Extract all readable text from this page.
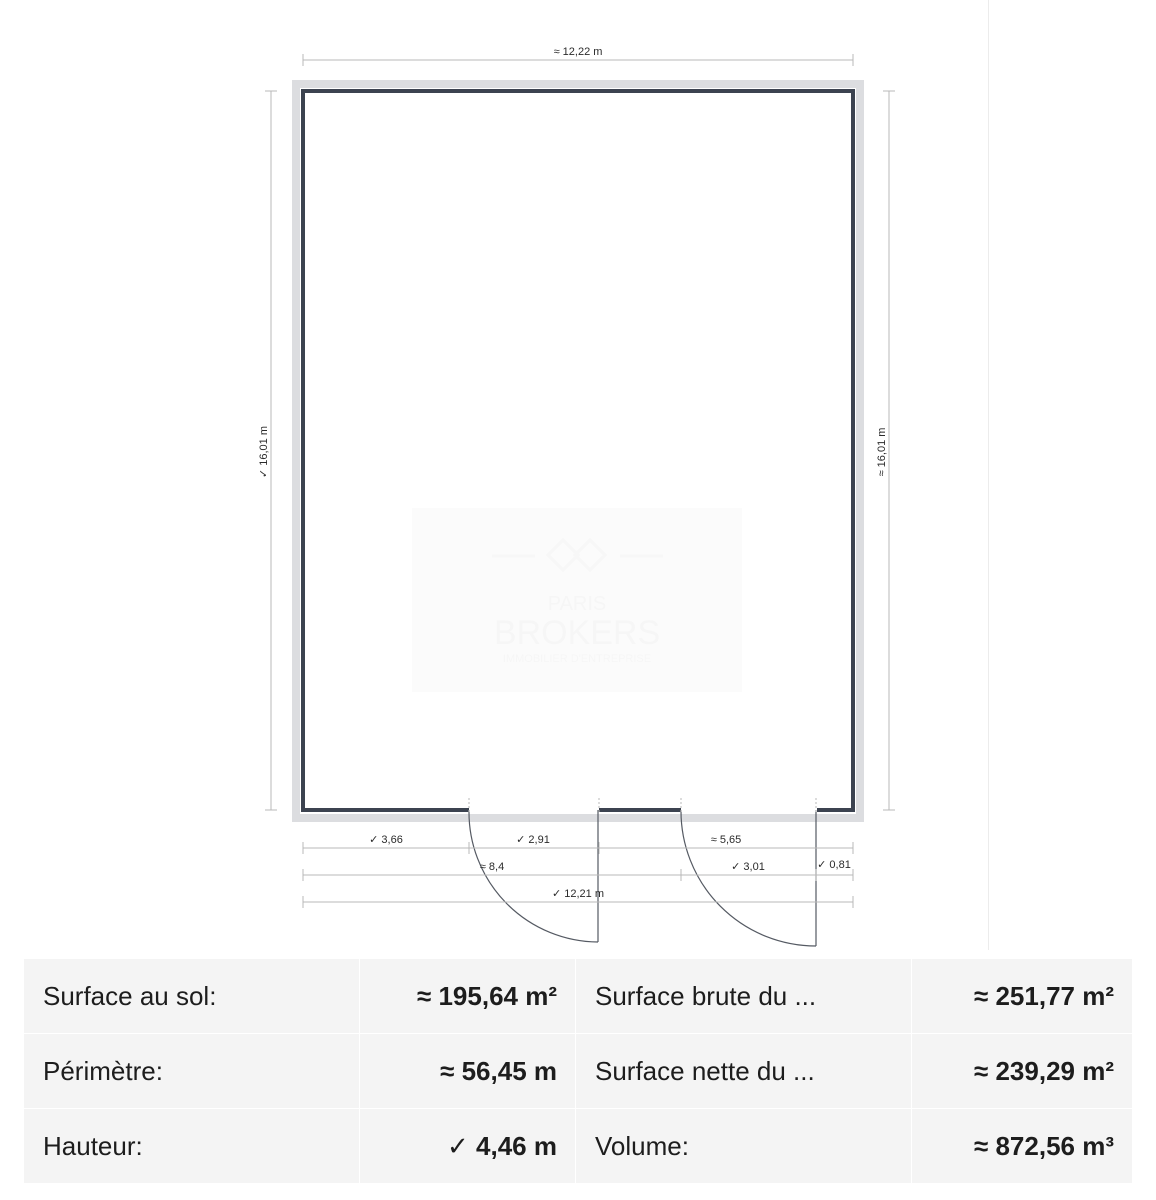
PARIS
BROKERS
IMMOBILIER D'ENTREPRISE
≈ 12,22 m
✓ 16,01 m	≈ 16,01 m
✓ 3,66	✓ 2,91	≈ 5,65
≈ 8,4	✓ 3,01	✓ 0,81
✓ 12,21 m
Surface au sol:	≈ 195,64 m²	Surface brute du ...	≈ 251,77 m²
Périmètre:	≈ 56,45 m	Surface nette du ...	≈ 239,29 m²
Hauteur:	✓ 4,46 m	Volume:	≈ 872,56 m³
